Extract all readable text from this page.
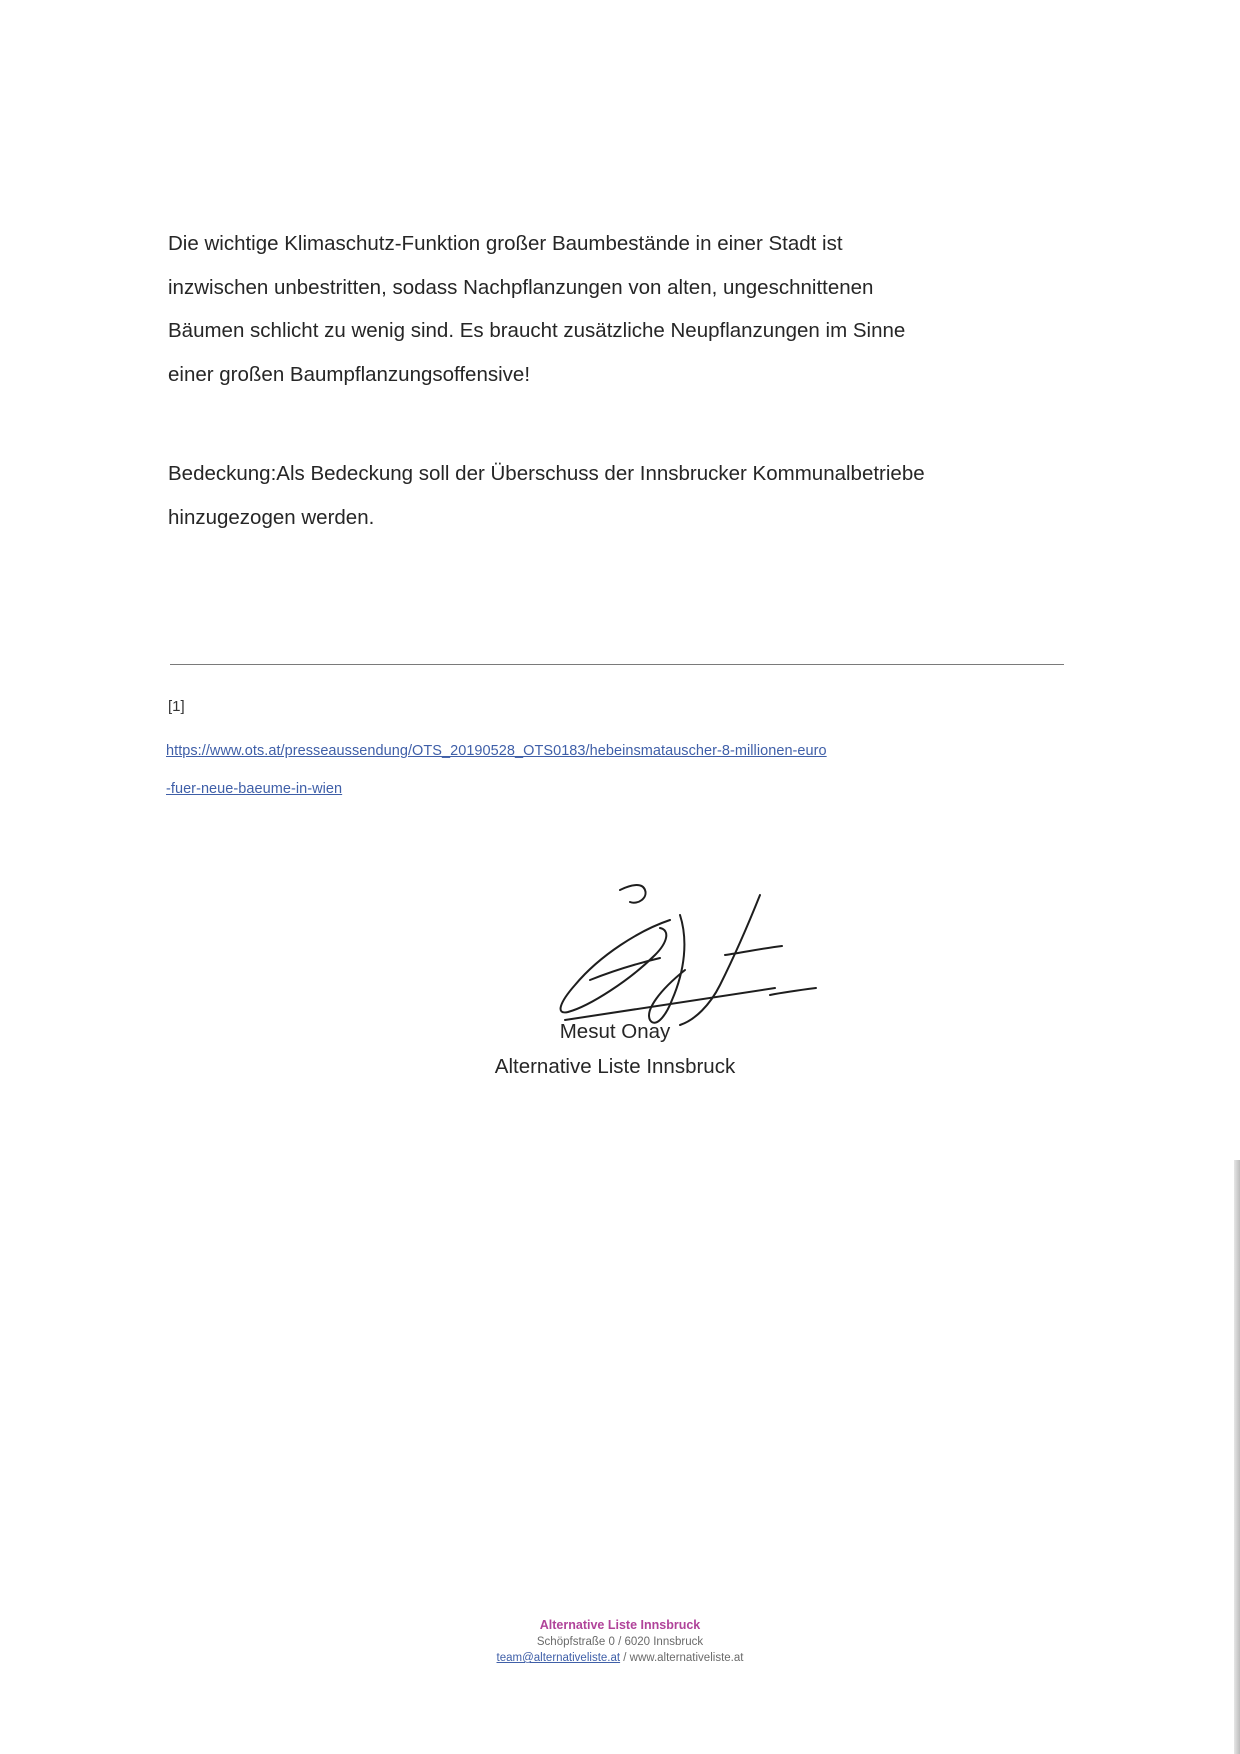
Die wichtige Klimaschutz-Funktion großer Baumbestände in einer Stadt ist
inzwischen unbestritten, sodass Nachpflanzungen von alten, ungeschnittenen
Bäumen schlicht zu wenig sind. Es braucht zusätzliche Neupflanzungen im Sinne
einer großen Baumpflanzungsoffensive!
Bedeckung:Als Bedeckung soll der Überschuss der Innsbrucker Kommunalbetriebe
hinzugezogen werden.
[1]
https://www.ots.at/presseaussendung/OTS_20190528_OTS0183/hebeinsmatauscher-8-millionen-euro
-fuer-neue-baeume-in-wien
Mesut Onay
Alternative Liste Innsbruck
Alternative Liste Innsbruck
Schöpfstraße 0 / 6020 Innsbruck
team@alternativeliste.at / www.alternativeliste.at
